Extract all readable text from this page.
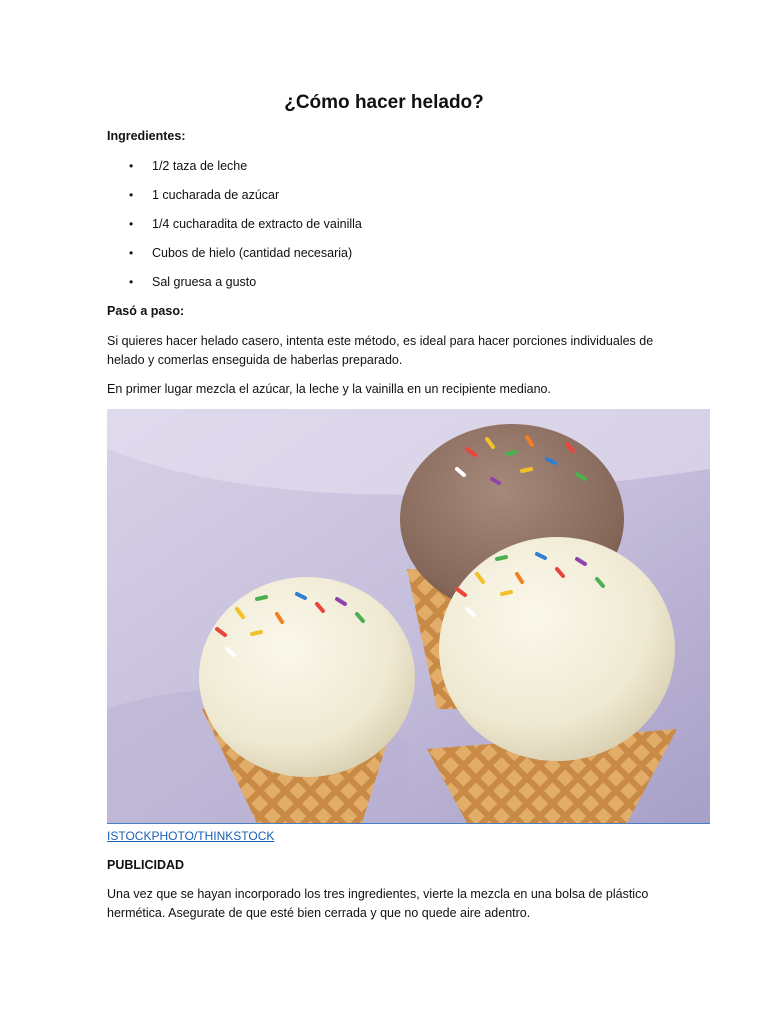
¿Cómo hacer helado?
Ingredientes:
• 1/2 taza de leche
• 1 cucharada de azúcar
• 1/4 cucharadita de extracto de vainilla
• Cubos de hielo (cantidad necesaria)
• Sal gruesa a gusto
Pasó a paso:

Si quieres hacer helado casero, intenta este método, es ideal para hacer porciones individuales de helado y comerlas enseguida de haberlas preparado.

En primer lugar mezcla el azúcar, la leche y la vainilla en un recipiente mediano.

ISTOCKPHOTO/THINKSTOCK
PUBLICIDAD

Una vez que se hayan incorporado los tres ingredientes, vierte la mezcla en una bolsa de plástico hermética. Asegurate de que esté bien cerrada y que no quede aire adentro.
